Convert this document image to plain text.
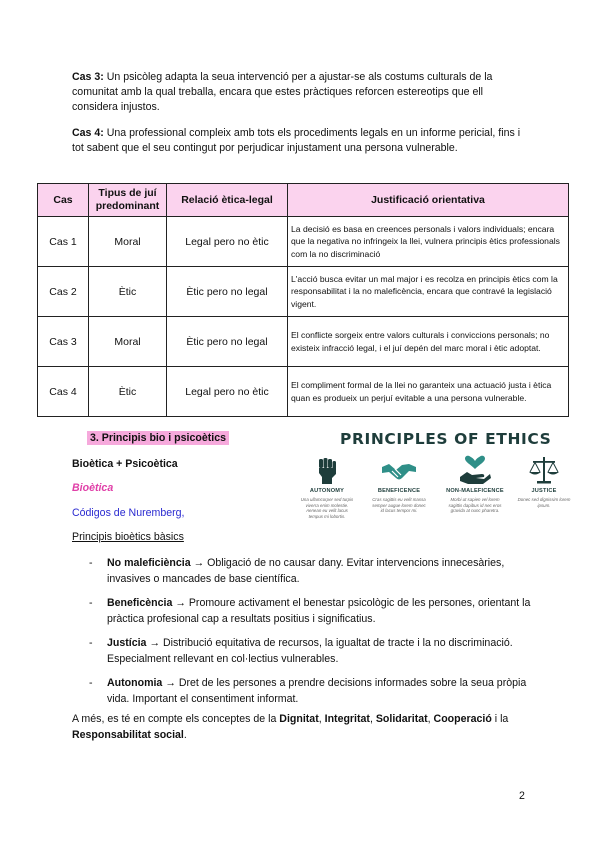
Cas 3: Un psicòleg adapta la seua intervenció per a ajustar-se als costums culturals de la comunitat amb la qual treballa, encara que estes pràctiques reforcen estereotips que ell considera injustos.

Cas 4: Una professional compleix amb tots els procediments legals en un informe pericial, fins i tot sabent que el seu contingut por perjudicar injustament una persona vulnerable.

Cas	Tipus de juí predominant	Relació ètica-legal	Justificació orientativa
Cas 1	Moral	Legal pero no ètic	La decisió es basa en creences personals i valors individuals; encara que la negativa no infringeix la llei, vulnera principis ètics professionals com la no discriminació
Cas 2	Ètic	Ètic pero no legal	L'acció busca evitar un mal major i es recolza en principis ètics com la responsabilitat i la no maleficència, encara que contravé la legislació vigent.
Cas 3	Moral	Ètic pero no legal	El conflicte sorgeix entre valors culturals i conviccions personals; no existeix infracció legal, i el juí depén del marc moral i ètic adoptat.
Cas 4	Ètic	Legal pero no ètic	El compliment formal de la llei no garanteix una actuació justa i ètica quan es produeix un perjuí evitable a una persona vulnerable.
3. Principis bio i psicoètics
Bioètica + Psicoètica
Bioètica
Códigos de Nuremberg,
Principis bioètics bàsics
PRINCIPLES OF ETHICS
AUTONOMY
Una ullamcorper sed turpis viverra enim molestie. Aenean eu velit lacus tempus mi lobortis.
BENEFICENCE
Cras sagittis eu velit massa semper augue lorem donec id lacus tempor mi.
NON-MALEFICENCE
Morbi ut sapien vel lorem sagittis dapibus id nec eros gravida at nunc pharetra.
JUSTICE
Donec sed dignissim lorem ipsum.
- No maleficiència → Obligació de no causar dany. Evitar intervencions innecesàries, invasives o mancades de base científica.
- Beneficència → Promoure activament el benestar psicològic de les persones, orientant la pràctica profesional cap a resultats positius i significatius.
- Justícia → Distribució equitativa de recursos, la igualtat de tracte i la no discriminació. Especialment rellevant en col·lectius vulnerables.
- Autonomia → Dret de les persones a prendre decisions informades sobre la seua pròpia vida. Important el consentiment informat.
A més, es té en compte els conceptes de la Dignitat, Integritat, Solidaritat, Cooperació i la Responsabilitat social.
2
